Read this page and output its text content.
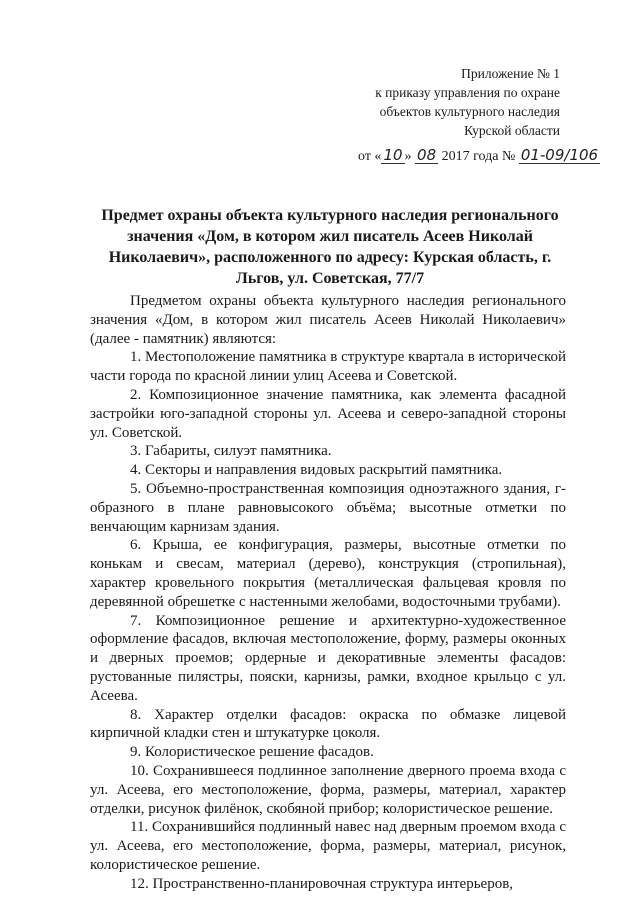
Приложение № 1
к приказу управления по охране
объектов культурного наследия
Курской области
от « 10 » 08 2017 года № 01-09/106
Предмет охраны объекта культурного наследия регионального значения «Дом, в котором жил писатель Асеев Николай Николаевич», расположенного по адресу: Курская область, г. Льгов, ул. Советская, 77/7

Предметом охраны объекта культурного наследия регионального значения «Дом, в котором жил писатель Асеев Николай Николаевич» (далее - памятник) являются:

1. Местоположение памятника в структуре квартала в исторической части города по красной линии улиц Асеева и Советской.

2. Композиционное значение памятника, как элемента фасадной застройки юго-западной стороны ул. Асеева и северо-западной стороны ул. Советской.

3. Габариты, силуэт памятника.

4. Секторы и направления видовых раскрытий памятника.

5. Объемно-пространственная композиция одноэтажного здания, г-образного в плане равновысокого объёма; высотные отметки по венчающим карнизам здания.

6. Крыша, ее конфигурация, размеры, высотные отметки по конькам и свесам, материал (дерево), конструкция (стропильная), характер кровельного покрытия (металлическая фальцевая кровля по деревянной обрешетке с настенными желобами, водосточными трубами).

7. Композиционное решение и архитектурно-художественное оформление фасадов, включая местоположение, форму, размеры оконных и дверных проемов; ордерные и декоративные элементы фасадов: рустованные пилястры, пояски, карнизы, рамки, входное крыльцо с ул. Асеева.

8. Характер отделки фасадов: окраска по обмазке лицевой кирпичной кладки стен и штукатурке цоколя.

9. Колористическое решение фасадов.

10. Сохранившееся подлинное заполнение дверного проема входа с ул. Асеева, его местоположение, форма, размеры, материал, характер отделки, рисунок филёнок, скобяной прибор; колористическое решение.

11. Сохранившийся подлинный навес над дверным проемом входа с ул. Асеева, его местоположение, форма, размеры, материал, рисунок, колористическое решение.

12. Пространственно-планировочная структура интерьеров,
